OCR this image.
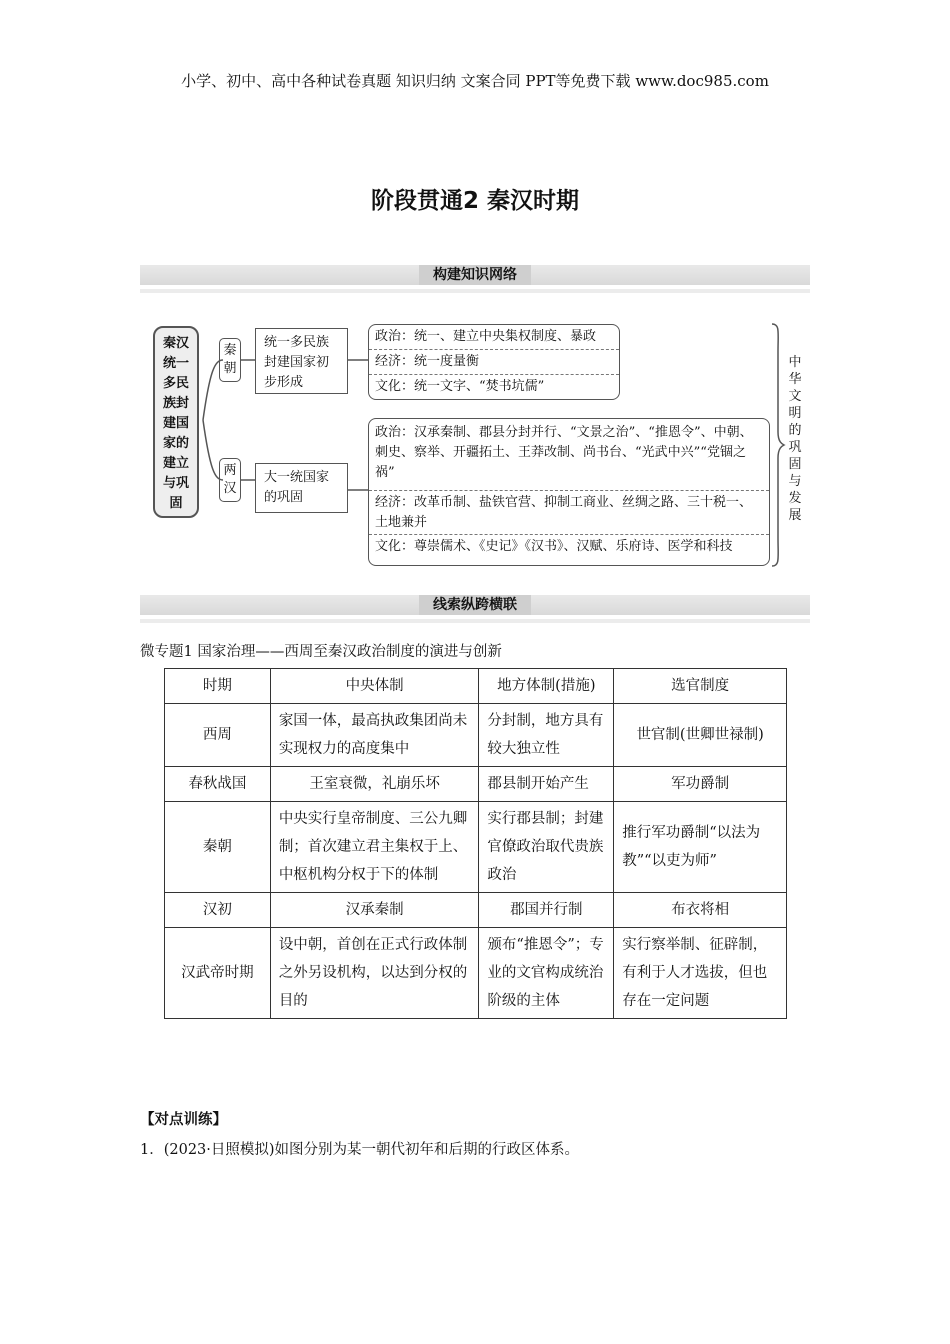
小学、初中、高中各种试卷真题 知识归纳 文案合同 PPT等免费下载 www.doc985.com
阶段贯通2 秦汉时期
构建知识网络
秦汉统一多民族封建国家的建立与巩固
秦朝
两汉
统一多民族封建国家初步形成
大一统国家的巩固
政治：统一、建立中央集权制度、暴政
经济：统一度量衡
文化：统一文字、“焚书坑儒”
政治：汉承秦制、郡县分封并行、“文景之治”、“推恩令”、中朝、刺史、察举、开疆拓土、王莽改制、尚书台、“光武中兴”“党锢之祸”
经济：改革币制、盐铁官营、抑制工商业、丝绸之路、三十税一、土地兼并
文化：尊崇儒术、《史记》《汉书》、汉赋、乐府诗、医学和科技
中华文明的巩固与发展
线索纵跨横联
微专题1 国家治理——西周至秦汉政治制度的演进与创新
时期	中央体制	地方体制(措施)	选官制度
西周	家国一体，最高执政集团尚未实现权力的高度集中	分封制，地方具有较大独立性	世官制(世卿世禄制)
春秋战国	王室衰微，礼崩乐坏	郡县制开始产生	军功爵制
秦朝	中央实行皇帝制度、三公九卿制；首次建立君主集权于上、中枢机构分权于下的体制	实行郡县制；封建官僚政治取代贵族政治	推行军功爵制“以法为教”“以吏为师”
汉初	汉承秦制	郡国并行制	布衣将相
汉武帝时期	设中朝，首创在正式行政体制之外另设机构，以达到分权的目的	颁布“推恩令”；专业的文官构成统治阶级的主体	实行察举制、征辟制，有利于人才选拔，但也存在一定问题
【对点训练】
1．(2023·日照模拟)如图分别为某一朝代初年和后期的行政区体系。
